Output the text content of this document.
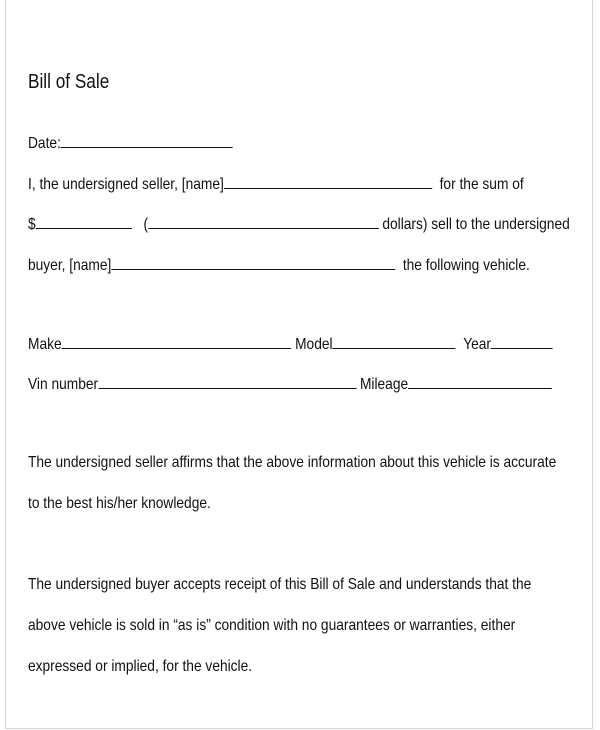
Bill of Sale
Date:
I, the undersigned seller, [name]	for the sum of
$	(	dollars) sell to the undersigned
buyer, [name]	the following vehicle.
Make	Model	Year
Vin number	Mileage
The undersigned seller affirms that the above information about this vehicle is accurate to the best his/her knowledge.
The undersigned buyer accepts receipt of this Bill of Sale and understands that the above vehicle is sold in “as is” condition with no guarantees or warranties, either expressed or implied, for the vehicle.
